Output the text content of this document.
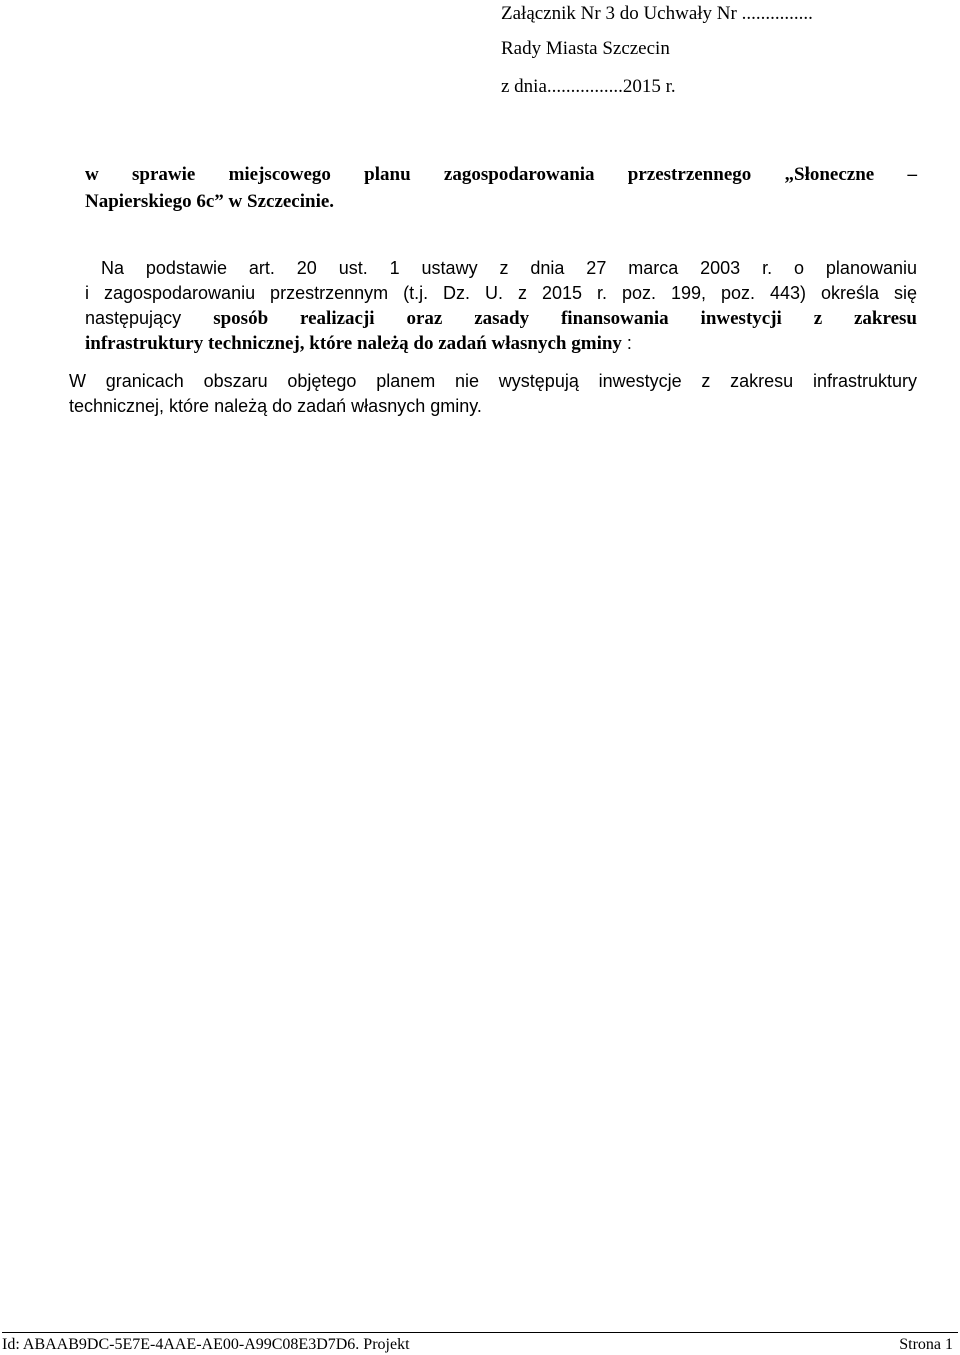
Załącznik Nr 3 do Uchwały Nr ...............
Rady Miasta Szczecin
z dnia................2015 r.
w sprawie miejscowego planu zagospodarowania przestrzennego „Słoneczne –
Napierskiego 6c” w Szczecinie.
Na podstawie art. 20 ust. 1 ustawy z dnia 27 marca 2003 r. o planowaniu
i zagospodarowaniu przestrzennym (t.j. Dz. U. z 2015 r. poz. 199, poz. 443) określa się
następujący sposób realizacji oraz zasady finansowania inwestycji z zakresu
infrastruktury technicznej, które należą do zadań własnych gminy :
W granicach obszaru objętego planem nie występują inwestycje z zakresu infrastruktury
technicznej, które należą do zadań własnych gminy.
Id: ABAAB9DC-5E7E-4AAE-AE00-A99C08E3D7D6. Projekt	Strona 1
